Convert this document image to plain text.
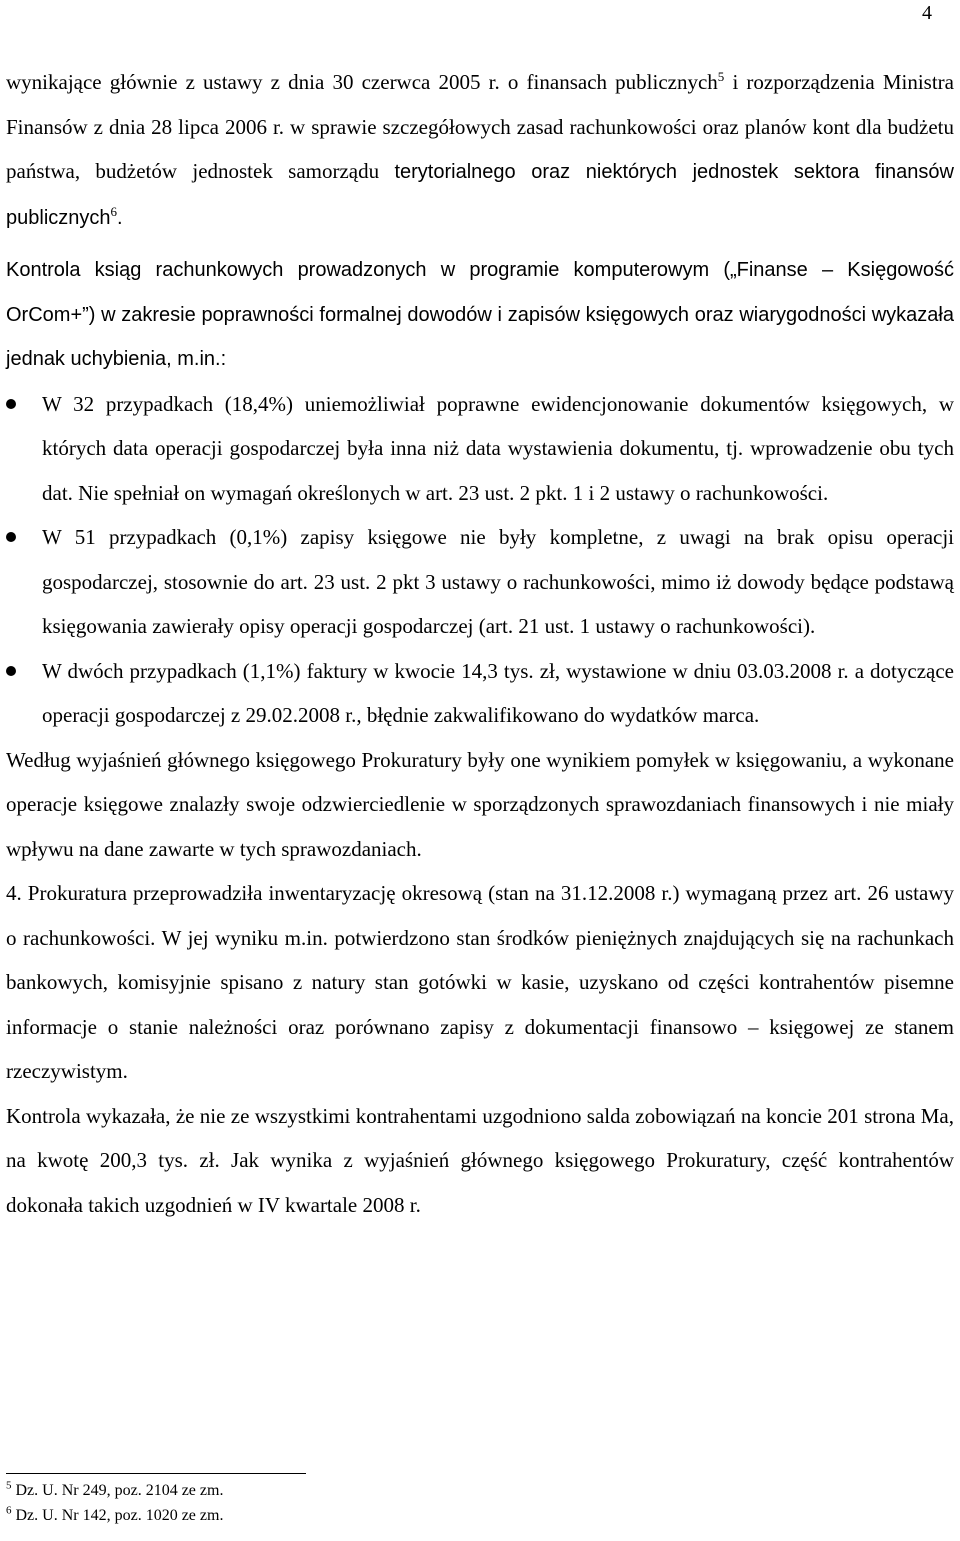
4

wynikające głównie z ustawy z dnia 30 czerwca 2005 r. o finansach publicznych$^5$ i rozporządzenia Ministra Finansów z dnia 28 lipca 2006 r. w sprawie szczegółowych zasad rachunkowości oraz planów kont dla budżetu państwa, budżetów jednostek samorządu terytorialnego oraz niektórych jednostek sektora finansów publicznych$^6$.

Kontrola ksiąg rachunkowych prowadzonych w programie komputerowym („Finanse – Księgowość OrCom+”) w zakresie poprawności formalnej dowodów i zapisów księgowych oraz wiarygodności wykazała jednak uchybienia, m.in.:

W 32 przypadkach (18,4%) uniemożliwiał poprawne ewidencjonowanie dokumentów księgowych, w których data operacji gospodarczej była inna niż data wystawienia dokumentu, tj. wprowadzenie obu tych dat. Nie spełniał on wymagań określonych w art. 23 ust. 2 pkt. 1 i 2 ustawy o rachunkowości.
W 51 przypadkach (0,1%) zapisy księgowe nie były kompletne, z uwagi na brak opisu operacji gospodarczej, stosownie do art. 23 ust. 2 pkt 3 ustawy o rachunkowości, mimo iż dowody będące podstawą księgowania zawierały opisy operacji gospodarczej (art. 21 ust. 1 ustawy o rachunkowości).
W dwóch przypadkach (1,1%) faktury w kwocie 14,3 tys. zł, wystawione w dniu 03.03.2008 r. a dotyczące operacji gospodarczej z 29.02.2008 r., błędnie zakwalifikowano do wydatków marca.

Według wyjaśnień głównego księgowego Prokuratury były one wynikiem pomyłek w księgowaniu, a wykonane operacje księgowe znalazły swoje odzwierciedlenie w sporządzonych sprawozdaniach finansowych i nie miały wpływu na dane zawarte w tych sprawozdaniach.

4. Prokuratura przeprowadziła inwentaryzację okresową (stan na 31.12.2008 r.) wymaganą przez art. 26 ustawy o rachunkowości. W jej wyniku m.in. potwierdzono stan środków pieniężnych znajdujących się na rachunkach bankowych, komisyjnie spisano z natury stan gotówki w kasie, uzyskano od części kontrahentów pisemne informacje o stanie należności oraz porównano zapisy z dokumentacji finansowo – księgowej ze stanem rzeczywistym.

Kontrola wykazała, że nie ze wszystkimi kontrahentami uzgodniono salda zobowiązań na koncie 201 strona Ma, na kwotę 200,3 tys. zł. Jak wynika z wyjaśnień głównego księgowego Prokuratury, część kontrahentów dokonała takich uzgodnień w IV kwartale 2008 r.

$^5$ Dz. U. Nr 249, poz. 2104 ze zm.
$^6$ Dz. U. Nr 142, poz. 1020 ze zm.
